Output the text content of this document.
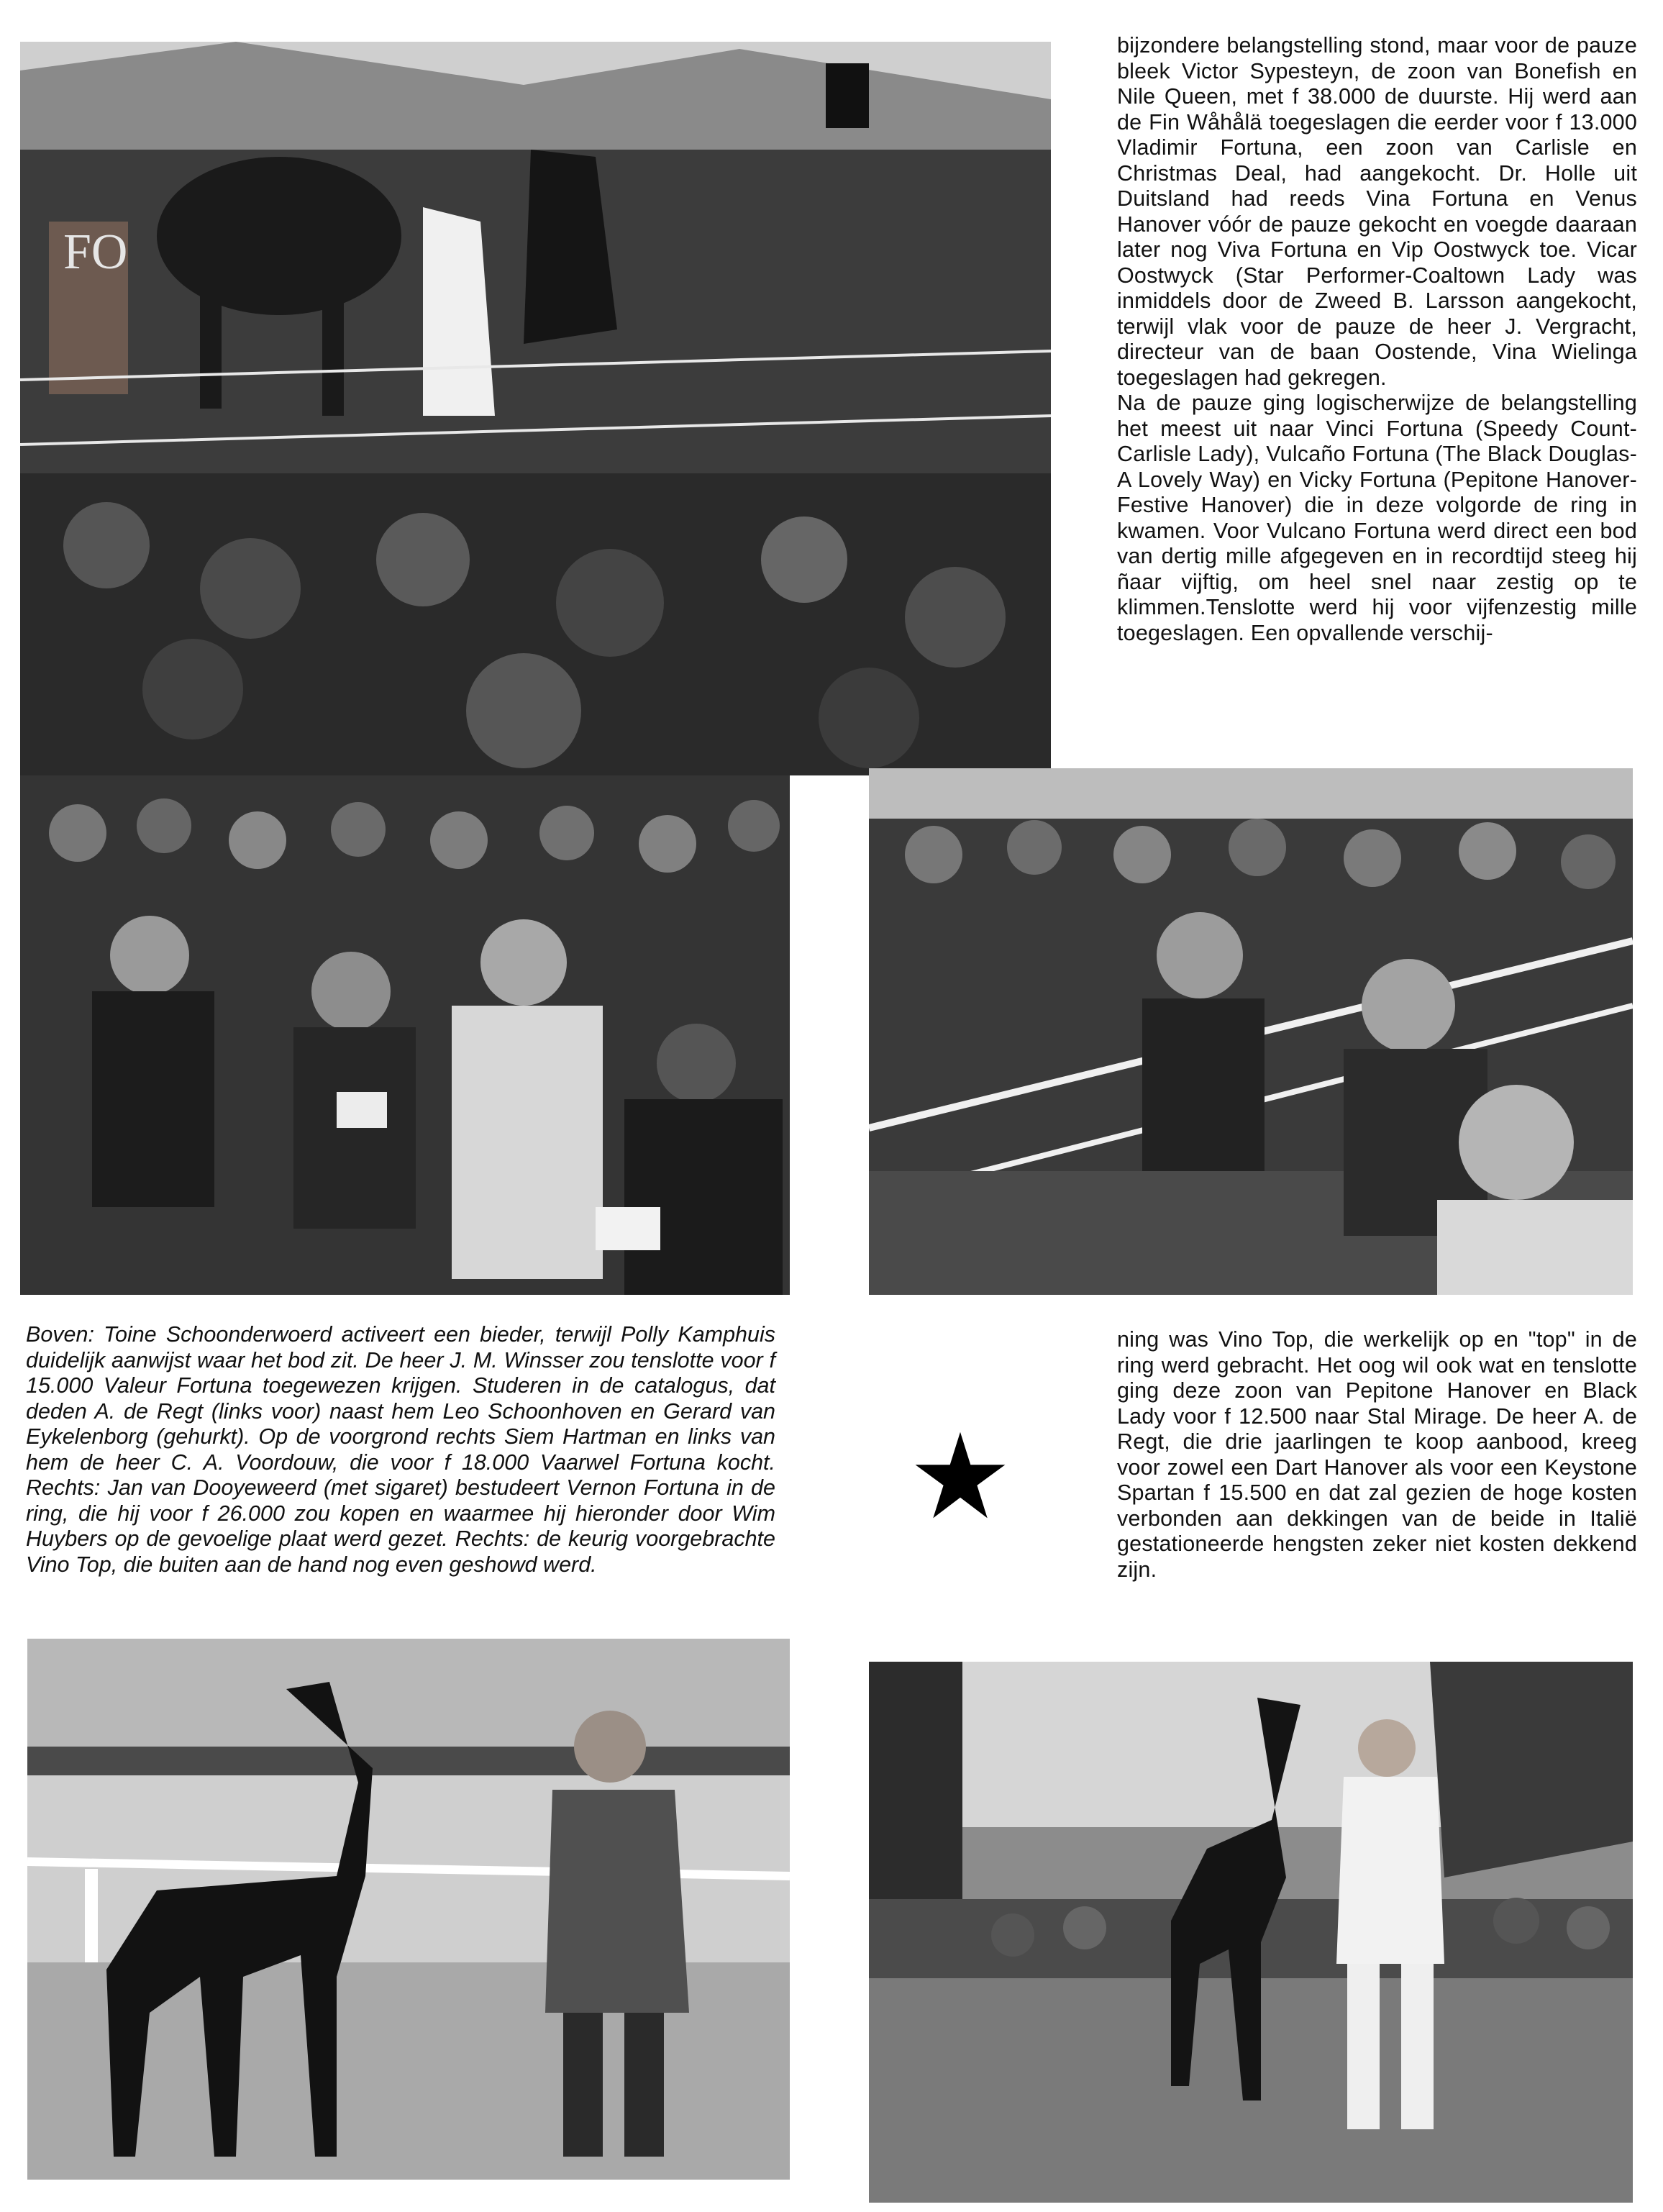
FO

bijzondere belangstelling stond, maar voor de pauze bleek Victor Sypesteyn, de zoon van Bonefish en Nile Queen, met f 38.000 de duurste. Hij werd aan de Fin Wåhålä toegeslagen die eerder voor f 13.000 Vladimir Fortuna, een zoon van Carlisle en Christmas Deal, had aangekocht. Dr. Holle uit Duitsland had reeds Vina Fortuna en Venus Hanover vóór de pauze gekocht en voegde daaraan later nog Viva Fortuna en Vip Oostwyck toe. Vicar Oostwyck (Star Performer-Coaltown Lady was inmiddels door de Zweed B. Larsson aangekocht, terwijl vlak voor de pauze de heer J. Vergracht, directeur van de baan Oostende, Vina Wielinga toegeslagen had gekregen.

Na de pauze ging logischerwijze de belangstelling het meest uit naar Vinci Fortuna (Speedy Count-Carlisle Lady), Vulcaño Fortuna (The Black Douglas-A Lovely Way) en Vicky Fortuna (Pepitone Hanover-Festive Hanover) die in deze volgorde de ring in kwamen. Voor Vulcano Fortuna werd direct een bod van dertig mille afgegeven en in recordtijd steeg hij ñaar vijftig, om heel snel naar zestig op te klimmen.Tenslotte werd hij voor vijfenzestig mille toegeslagen. Een opvallende verschij-

Boven: Toine Schoonderwoerd activeert een bieder, terwijl Polly Kamphuis duidelijk aanwijst waar het bod zit. De heer J. M. Winsser zou tenslotte voor f 15.000 Valeur Fortuna toegewezen krijgen. Studeren in de catalogus, dat deden A. de Regt (links voor) naast hem Leo Schoonhoven en Gerard van Eykelenborg (gehurkt). Op de voorgrond rechts Siem Hartman en links van hem de heer C. A. Voordouw, die voor f 18.000 Vaarwel Fortuna kocht. Rechts: Jan van Dooyeweerd (met sigaret) bestudeert Vernon Fortuna in de ring, die hij voor f 26.000 zou kopen en waarmee hij hieronder door Wim Huybers op de gevoelige plaat werd gezet. Rechts: de keurig voorgebrachte Vino Top, die buiten aan de hand nog even geshowd werd.

ning was Vino Top, die werkelijk op en "top" in de ring werd gebracht. Het oog wil ook wat en tenslotte ging deze zoon van Pepitone Hanover en Black Lady voor f 12.500 naar Stal Mirage. De heer A. de Regt, die drie jaarlingen te koop aanbood, kreeg voor zowel een Dart Hanover als voor een Keystone Spartan f 15.500 en dat zal gezien de hoge kosten verbonden aan dekkingen van de beide in Italië gestationeerde hengsten zeker niet kosten dekkend zijn.
